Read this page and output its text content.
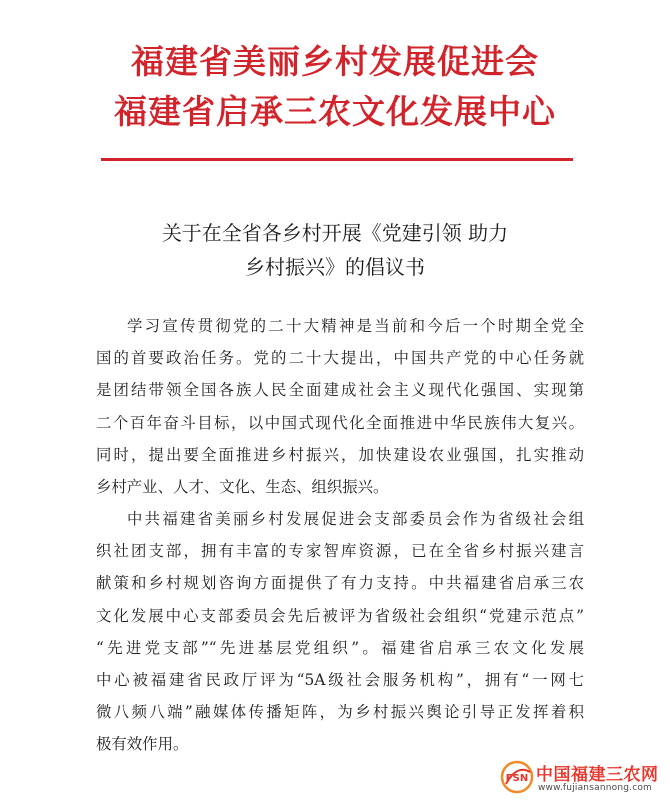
福建省美丽乡村发展促进会
福建省启承三农文化发展中心
关于在全省各乡村开展《党建引领 助力
乡村振兴》的倡议书
学习宣传贯彻党的二十大精神是当前和今后一个时期全党全
国的首要政治任务。党的二十大提出，中国共产党的中心任务就
是团结带领全国各族人民全面建成社会主义现代化强国、实现第
二个百年奋斗目标，以中国式现代化全面推进中华民族伟大复兴。
同时，提出要全面推进乡村振兴，加快建设农业强国，扎实推动
乡村产业、人才、文化、生态、组织振兴。
中共福建省美丽乡村发展促进会支部委员会作为省级社会组
织社团支部，拥有丰富的专家智库资源，已在全省乡村振兴建言
献策和乡村规划咨询方面提供了有力支持。中共福建省启承三农
文化发展中心支部委员会先后被评为省级社会组织“党建示范点”
“先进党支部”“先进基层党组织”。福建省启承三农文化发展
中心被福建省民政厅评为“5A级社会服务机构”，拥有“一网七
微八频八端”融媒体传播矩阵，为乡村振兴舆论引导正发挥着积
极有效作用。
FSN 中国福建三农网
www.fujiansannong.com
